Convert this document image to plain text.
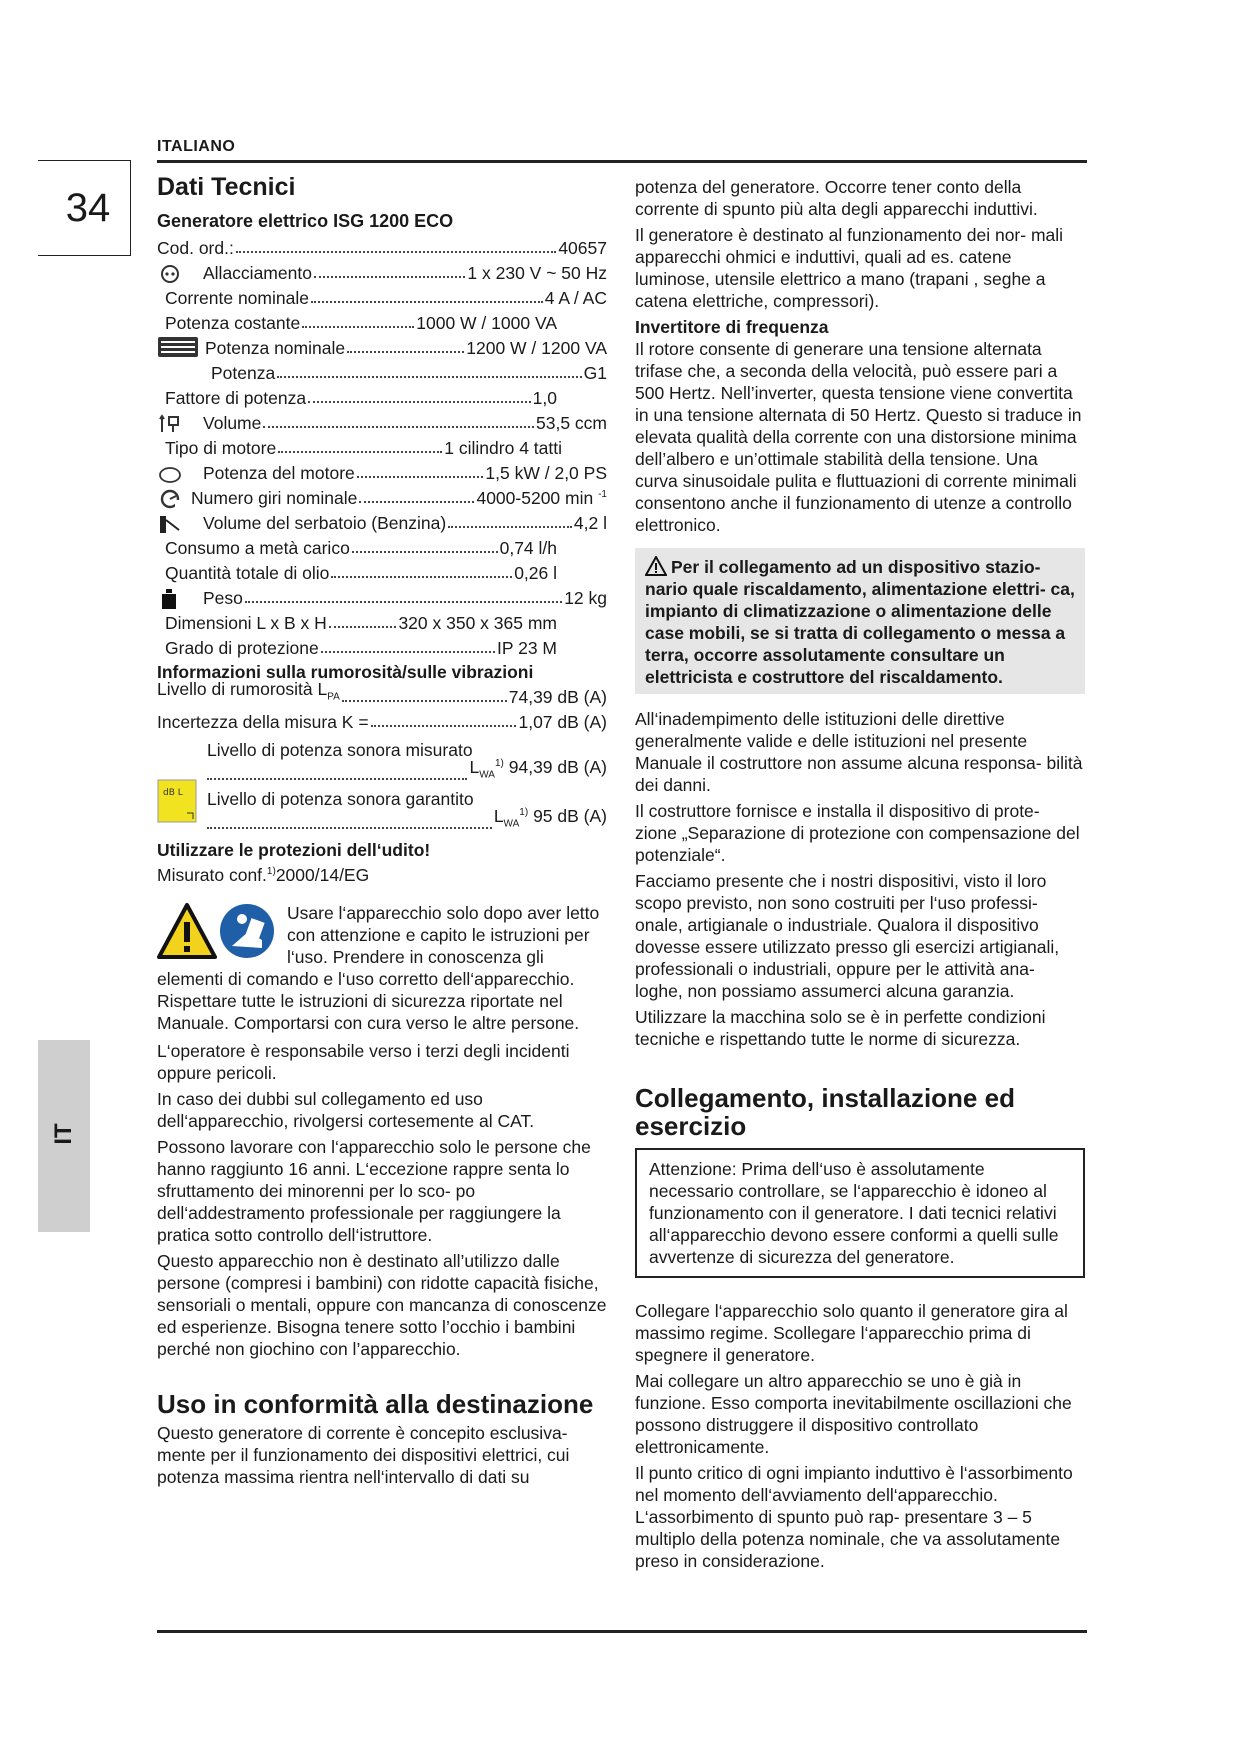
ITALIANO
34
IT
Dati Tecnici
Generatore elettrico ISG 1200 ECO
Cod. ord.:	40657
Allacciamento	1 x 230 V ~ 50 Hz
Corrente nominale	4 A / AC
Potenza costante	1000 W / 1000 VA
Potenza nominale	1200 W / 1200 VA
Potenza	G1
Fattore di potenza	1,0
Volume	53,5 ccm
Tipo di motore	1 cilindro 4 tatti
Potenza del motore	1,5 kW / 2,0 PS
Numero giri nominale	4000-5200 min $^{-1}$
Volume del serbatoio (Benzina)	4,2 l
Consumo a metà carico	0,74 l/h
Quantità totale di olio	0,26 l
Peso	12 kg
Dimensioni L x B x H	320 x 350 x 365 mm
Grado di protezione	IP 23 M
Informazioni sulla rumorosità/sulle vibrazioni
Livello di rumorosità $L_{PA}$	74,39 dB (A)
Incertezza della misura K =	1,07 dB (A)
dB L
Livello di potenza sonora misurato
$L_{WA}^{1)}$ 94,39 dB (A)
Livello di potenza sonora garantito
$L_{WA}^{1)}$ 95 dB (A)
Utilizzare le protezioni dell‘udito!
Misurato conf.$^{1)}$2000/14/EG

Usare l‘apparecchio solo dopo aver letto con attenzione e capito le istruzioni per l‘uso. Prendere in conoscenza gli elementi di comando e l‘uso corretto dell‘apparecchio. Rispettare tutte le istruzioni di sicurezza riportate nel Manuale. Comportarsi con cura verso le altre persone.

L‘operatore è responsabile verso i terzi degli incidenti oppure pericoli.

In caso dei dubbi sul collegamento ed uso dell‘apparecchio, rivolgersi cortesemente al CAT.

Possono lavorare con l‘apparecchio solo le persone che hanno raggiunto 16 anni. L‘eccezione rappre senta lo sfruttamento dei minorenni per lo sco- po dell‘addestramento professionale per raggiungere la pratica sotto controllo dell‘istruttore.

Questo apparecchio non è destinato all’utilizzo dalle persone (compresi i bambini) con ridotte capacità fisiche, sensoriali o mentali, oppure con mancanza di conoscenze ed esperienze. Bisogna tenere sotto l’occhio i bambini perché non giochino con l’apparecchio.

Uso in conformità alla destinazione

Questo generatore di corrente è concepito esclusiva- mente per il funzionamento dei dispositivi elettrici, cui potenza massima rientra nell‘intervallo di dati su

potenza del generatore. Occorre tener conto della corrente di spunto più alta degli apparecchi induttivi.

Il generatore è destinato al funzionamento dei nor- mali apparecchi ohmici e induttivi, quali ad es. catene luminose, utensile elettrico a mano (trapani , seghe a catena elettriche, compressori).

Invertitore di frequenza

Il rotore consente di generare una tensione alternata trifase che, a seconda della velocità, può essere pari a 500 Hertz. Nell’inverter, questa tensione viene convertita in una tensione alternata di 50 Hertz. Questo si traduce in elevata qualità della corrente con una distorsione minima dell’albero e un’ottimale stabilità della tensione. Una curva sinusoidale pulita e fluttuazioni di corrente minimali consentono anche il funzionamento di utenze a controllo elettronico.

Per il collegamento ad un dispositivo stazio- nario quale riscaldamento, alimentazione elettri- ca, impianto di climatizzazione o alimentazione delle case mobili, se si tratta di collegamento o messa a terra, occorre assolutamente consultare un elettricista e costruttore del riscaldamento.

All‘inadempimento delle istituzioni delle direttive generalmente valide e delle istituzioni nel presente Manuale il costruttore non assume alcuna responsa- bilità dei danni.

Il costruttore fornisce e installa il dispositivo di prote- zione „Separazione di protezione con compensazione del potenziale“.

Facciamo presente che i nostri dispositivi, visto il loro scopo previsto, non sono costruiti per l‘uso professi- onale, artigianale o industriale. Qualora il dispositivo dovesse essere utilizzato presso gli esercizi artigianali, professionali o industriali, oppure per le attività ana- loghe, non possiamo assumerci alcuna garanzia.

Utilizzare la macchina solo se è in perfette condizioni tecniche e rispettando tutte le norme di sicurezza.

Collegamento, installazione ed esercizio
Attenzione: Prima dell‘uso è assolutamente necessario controllare, se l‘apparecchio è idoneo al funzionamento con il generatore. I dati tecnici relativi all‘apparecchio devono essere conformi a quelli sulle avvertenze di sicurezza del generatore.

Collegare l‘apparecchio solo quanto il generatore gira al massimo regime. Scollegare l‘apparecchio prima di spegnere il generatore.

Mai collegare un altro apparecchio se uno è già in funzione. Esso comporta inevitabilmente oscillazioni che possono distruggere il dispositivo controllato elettronicamente.

Il punto critico di ogni impianto induttivo è l‘assorbimento nel momento dell‘avviamento dell‘apparecchio. L‘assorbimento di spunto può rap- presentare 3 – 5 multiplo della potenza nominale, che va assolutamente preso in considerazione.
